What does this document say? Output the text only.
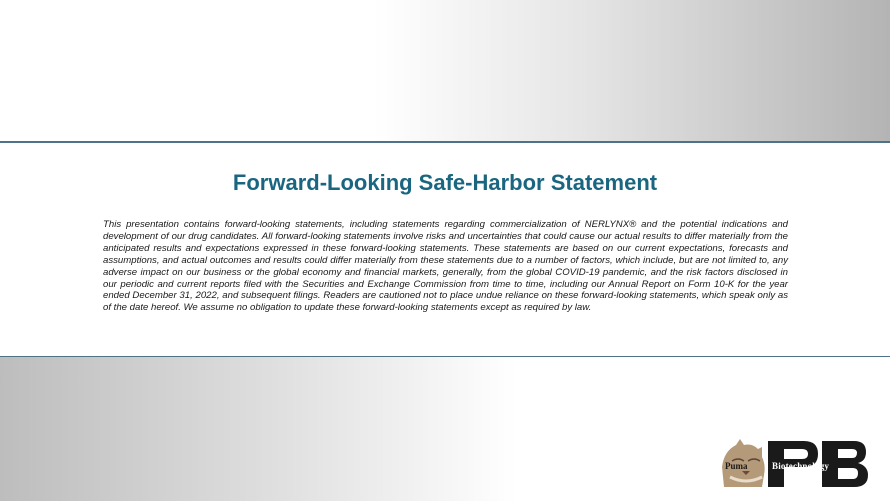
Forward-Looking Safe-Harbor Statement

This presentation contains forward-looking statements, including statements regarding commercialization of NERLYNX® and the potential indications and development of our drug candidates. All forward-looking statements involve risks and uncertainties that could cause our actual results to differ materially from the anticipated results and expectations expressed in these forward-looking statements. These statements are based on our current expectations, forecasts and assumptions, and actual outcomes and results could differ materially from these statements due to a number of factors, which include, but are not limited to, any adverse impact on our business or the global economy and financial markets, generally, from the global COVID-19 pandemic, and the risk factors disclosed in our periodic and current reports filed with the Securities and Exchange Commission from time to time, including our Annual Report on Form 10-K for the year ended December 31, 2022, and subsequent filings. Readers are cautioned not to place undue reliance on these forward-looking statements, which speak only as of the date hereof. We assume no obligation to update these forward-looking statements except as required by law.

Puma	Biotechnology
